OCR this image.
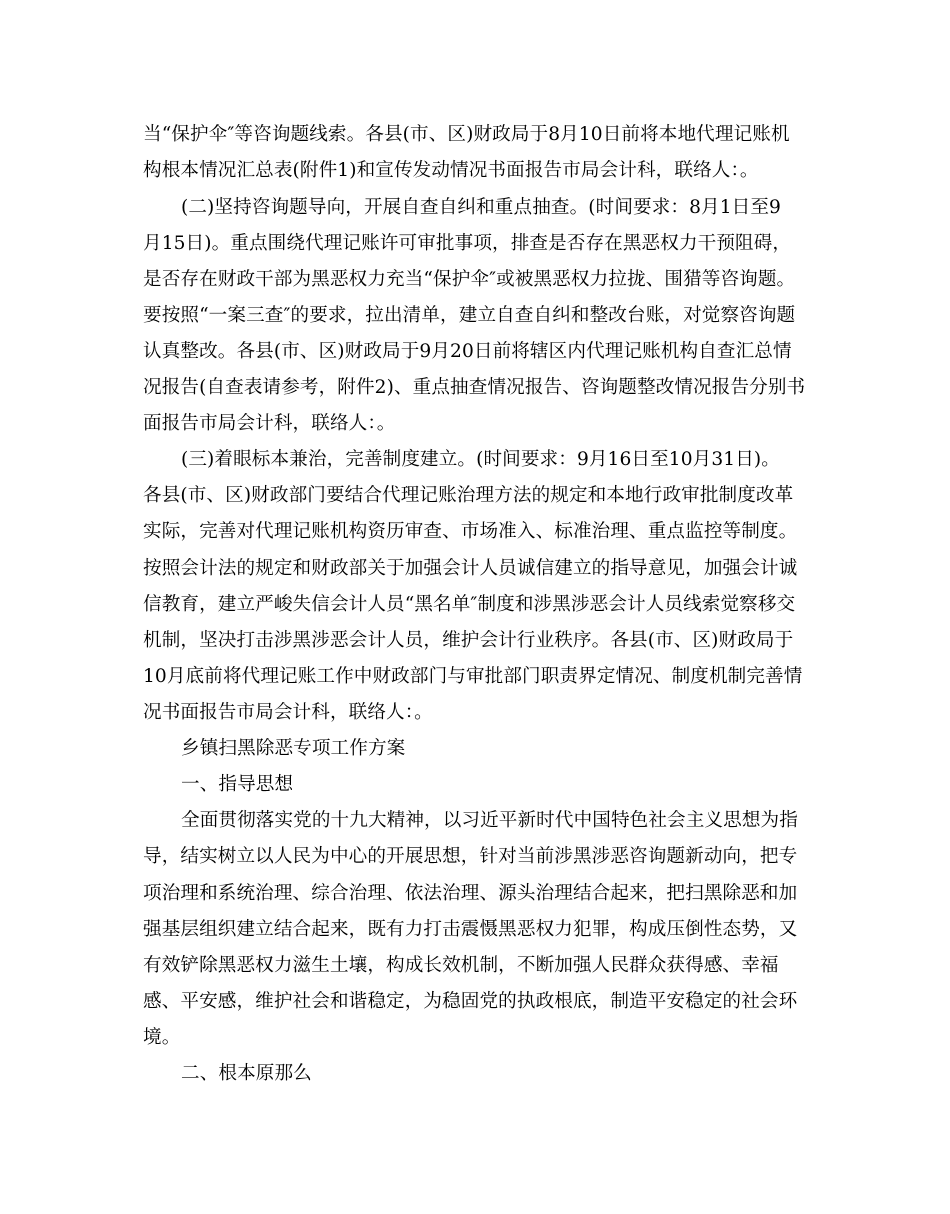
当“保护伞″等咨询题线索。各县(市、区)财政局于8月10日前将本地代理记账机
构根本情况汇总表(附件1)和宣传发动情况书面报告市局会计科，联络人：。
(二)坚持咨询题导向，开展自查自纠和重点抽查。(时间要求：8月1日至9
月15日)。重点围绕代理记账许可审批事项，排查是否存在黑恶权力干预阻碍，
是否存在财政干部为黑恶权力充当“保护伞″或被黑恶权力拉拢、围猎等咨询题。
要按照“一案三查″的要求，拉出清单，建立自查自纠和整改台账，对觉察咨询题
认真整改。各县(市、区)财政局于9月20日前将辖区内代理记账机构自查汇总情
况报告(自查表请参考，附件2)、重点抽查情况报告、咨询题整改情况报告分别书
面报告市局会计科，联络人：。
(三)着眼标本兼治，完善制度建立。(时间要求：9月16日至10月31日)。
各县(市、区)财政部门要结合代理记账治理方法的规定和本地行政审批制度改革
实际，完善对代理记账机构资历审查、市场准入、标准治理、重点监控等制度。
按照会计法的规定和财政部关于加强会计人员诚信建立的指导意见，加强会计诚
信教育，建立严峻失信会计人员“黑名单″制度和涉黑涉恶会计人员线索觉察移交
机制，坚决打击涉黑涉恶会计人员，维护会计行业秩序。各县(市、区)财政局于
10月底前将代理记账工作中财政部门与审批部门职责界定情况、制度机制完善情
况书面报告市局会计科，联络人：。
乡镇扫黑除恶专项工作方案
一、指导思想
全面贯彻落实党的十九大精神，以习近平新时代中国特色社会主义思想为指
导，结实树立以人民为中心的开展思想，针对当前涉黑涉恶咨询题新动向，把专
项治理和系统治理、综合治理、依法治理、源头治理结合起来，把扫黑除恶和加
强基层组织建立结合起来，既有力打击震慑黑恶权力犯罪，构成压倒性态势，又
有效铲除黑恶权力滋生土壤，构成长效机制，不断加强人民群众获得感、幸福
感、平安感，维护社会和谐稳定，为稳固党的执政根底，制造平安稳定的社会环
境。
二、根本原那么
